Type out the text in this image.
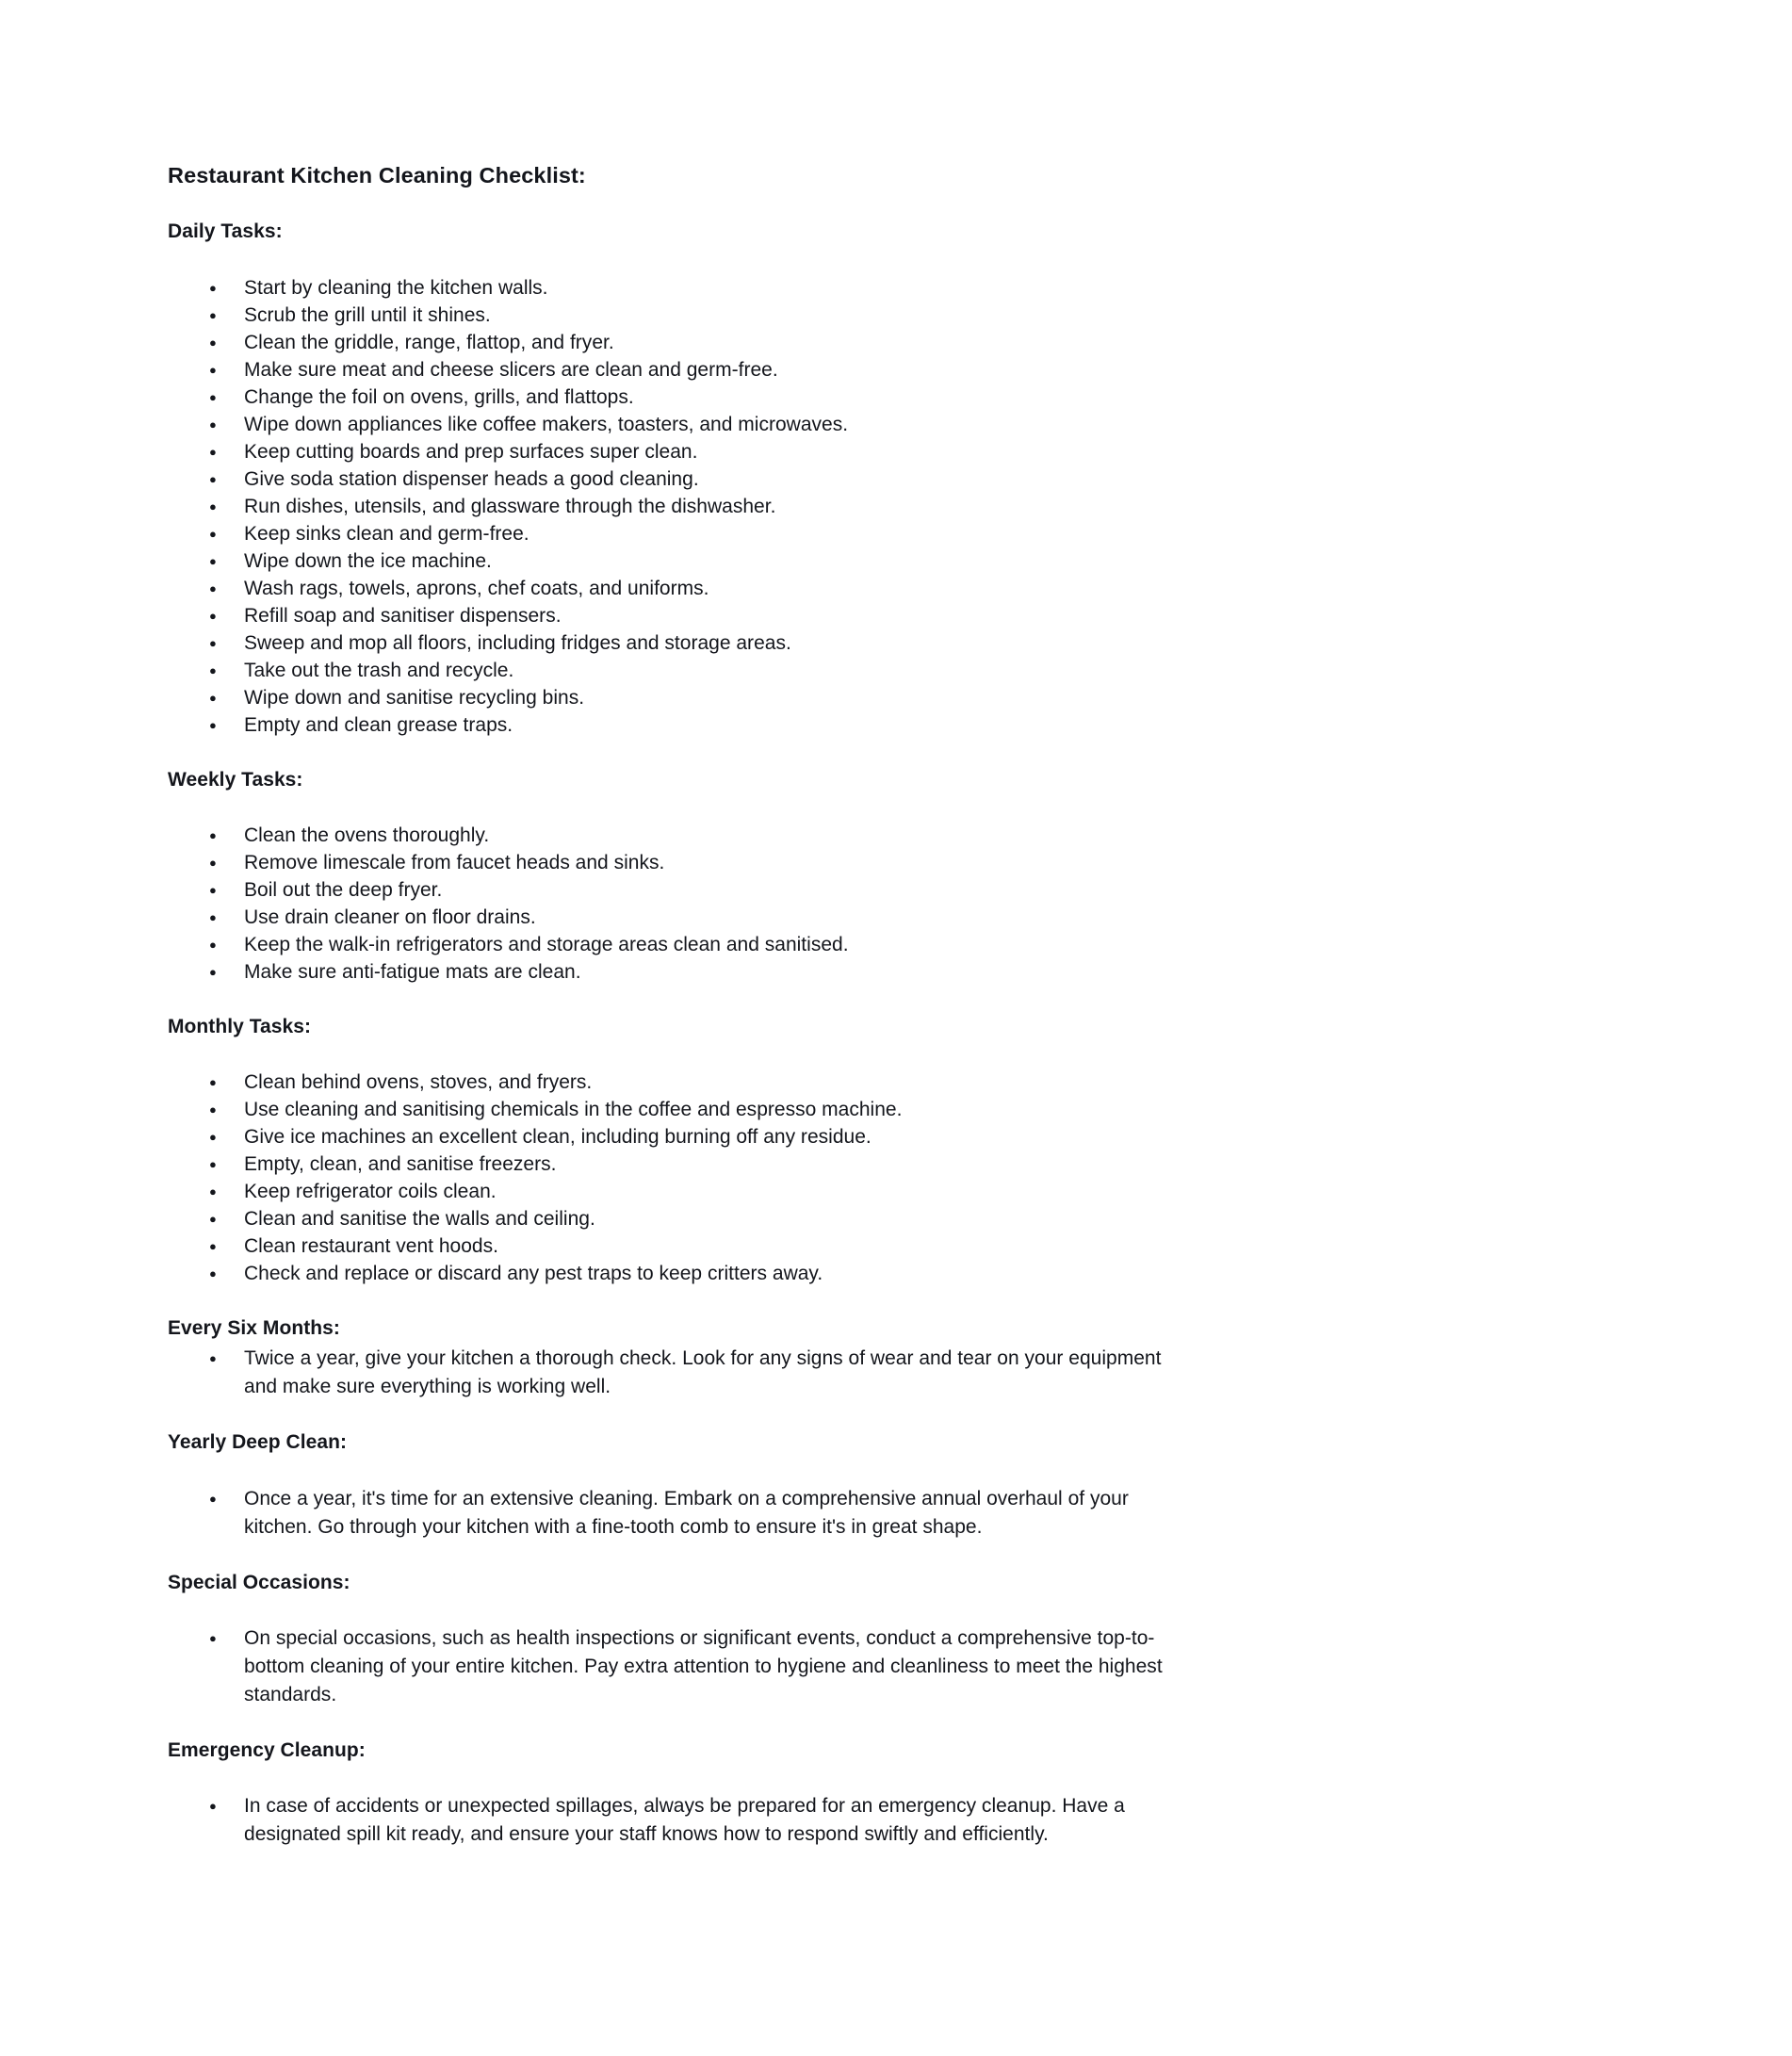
Restaurant Kitchen Cleaning Checklist:
Daily Tasks:
● Start by cleaning the kitchen walls.
● Scrub the grill until it shines.
● Clean the griddle, range, flattop, and fryer.
● Make sure meat and cheese slicers are clean and germ-free.
● Change the foil on ovens, grills, and flattops.
● Wipe down appliances like coffee makers, toasters, and microwaves.
● Keep cutting boards and prep surfaces super clean.
● Give soda station dispenser heads a good cleaning.
● Run dishes, utensils, and glassware through the dishwasher.
● Keep sinks clean and germ-free.
● Wipe down the ice machine.
● Wash rags, towels, aprons, chef coats, and uniforms.
● Refill soap and sanitiser dispensers.
● Sweep and mop all floors, including fridges and storage areas.
● Take out the trash and recycle.
● Wipe down and sanitise recycling bins.
● Empty and clean grease traps.
Weekly Tasks:
● Clean the ovens thoroughly.
● Remove limescale from faucet heads and sinks.
● Boil out the deep fryer.
● Use drain cleaner on floor drains.
● Keep the walk-in refrigerators and storage areas clean and sanitised.
● Make sure anti-fatigue mats are clean.
Monthly Tasks:
● Clean behind ovens, stoves, and fryers.
● Use cleaning and sanitising chemicals in the coffee and espresso machine.
● Give ice machines an excellent clean, including burning off any residue.
● Empty, clean, and sanitise freezers.
● Keep refrigerator coils clean.
● Clean and sanitise the walls and ceiling.
● Clean restaurant vent hoods.
● Check and replace or discard any pest traps to keep critters away.
Every Six Months:
● Twice a year, give your kitchen a thorough check. Look for any signs of wear and tear on your equipment and make sure everything is working well.
Yearly Deep Clean:
● Once a year, it's time for an extensive cleaning. Embark on a comprehensive annual overhaul of your kitchen. Go through your kitchen with a fine-tooth comb to ensure it's in great shape.
Special Occasions:
● On special occasions, such as health inspections or significant events, conduct a comprehensive top-to-bottom cleaning of your entire kitchen. Pay extra attention to hygiene and cleanliness to meet the highest standards.
Emergency Cleanup:
● In case of accidents or unexpected spillages, always be prepared for an emergency cleanup. Have a designated spill kit ready, and ensure your staff knows how to respond swiftly and efficiently.
